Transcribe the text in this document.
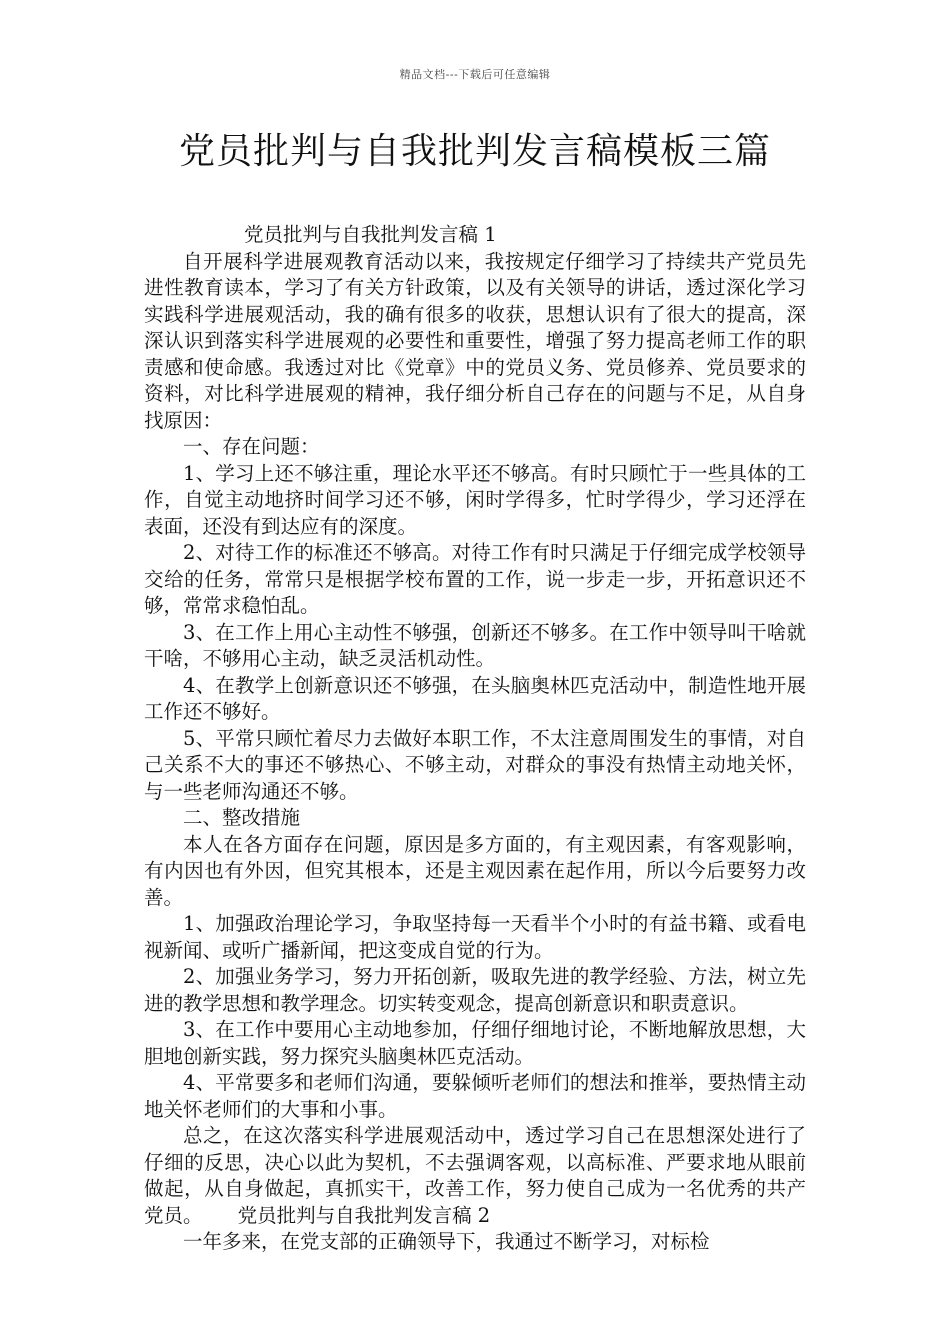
精品文档---下载后可任意编辑
党员批判与自我批判发言稿模板三篇

党员批判与自我批判发言稿 1

自开展科学进展观教育活动以来，我按规定仔细学习了持续共产党员先进性教育读本，学习了有关方针政策，以及有关领导的讲话，透过深化学习实践科学进展观活动，我的确有很多的收获，思想认识有了很大的提高，深深认识到落实科学进展观的必要性和重要性，增强了努力提高老师工作的职责感和使命感。我透过对比《党章》中的党员义务、党员修养、党员要求的资料，对比科学进展观的精神，我仔细分析自己存在的问题与不足，从自身找原因：

一、存在问题：

1、学习上还不够注重，理论水平还不够高。有时只顾忙于一些具体的工作，自觉主动地挤时间学习还不够，闲时学得多，忙时学得少，学习还浮在表面，还没有到达应有的深度。

2、对待工作的标准还不够高。对待工作有时只满足于仔细完成学校领导交给的任务，常常只是根据学校布置的工作，说一步走一步，开拓意识还不够，常常求稳怕乱。

3、在工作上用心主动性不够强，创新还不够多。在工作中领导叫干啥就干啥，不够用心主动，缺乏灵活机动性。

4、在教学上创新意识还不够强，在头脑奥林匹克活动中，制造性地开展工作还不够好。

5、平常只顾忙着尽力去做好本职工作，不太注意周围发生的事情，对自己关系不大的事还不够热心、不够主动，对群众的事没有热情主动地关怀，与一些老师沟通还不够。

二、整改措施

本人在各方面存在问题，原因是多方面的，有主观因素，有客观影响，有内因也有外因，但究其根本，还是主观因素在起作用，所以今后要努力改善。

1、加强政治理论学习，争取坚持每一天看半个小时的有益书籍、或看电视新闻、或听广播新闻，把这变成自觉的行为。

2、加强业务学习，努力开拓创新，吸取先进的教学经验、方法，树立先进的教学思想和教学理念。切实转变观念，提高创新意识和职责意识。

3、在工作中要用心主动地参加，仔细仔细地讨论，不断地解放思想，大胆地创新实践，努力探究头脑奥林匹克活动。

4、平常要多和老师们沟通，要躲倾听老师们的想法和推举，要热情主动地关怀老师们的大事和小事。

总之，在这次落实科学进展观活动中，透过学习自己在思想深处进行了仔细的反思，决心以此为契机，不去强调客观，以高标准、严要求地从眼前做起，从自身做起，真抓实干，改善工作，努力使自己成为一名优秀的共产党员。 党员批判与自我批判发言稿 2

一年多来，在党支部的正确领导下，我通过不断学习，对标检
